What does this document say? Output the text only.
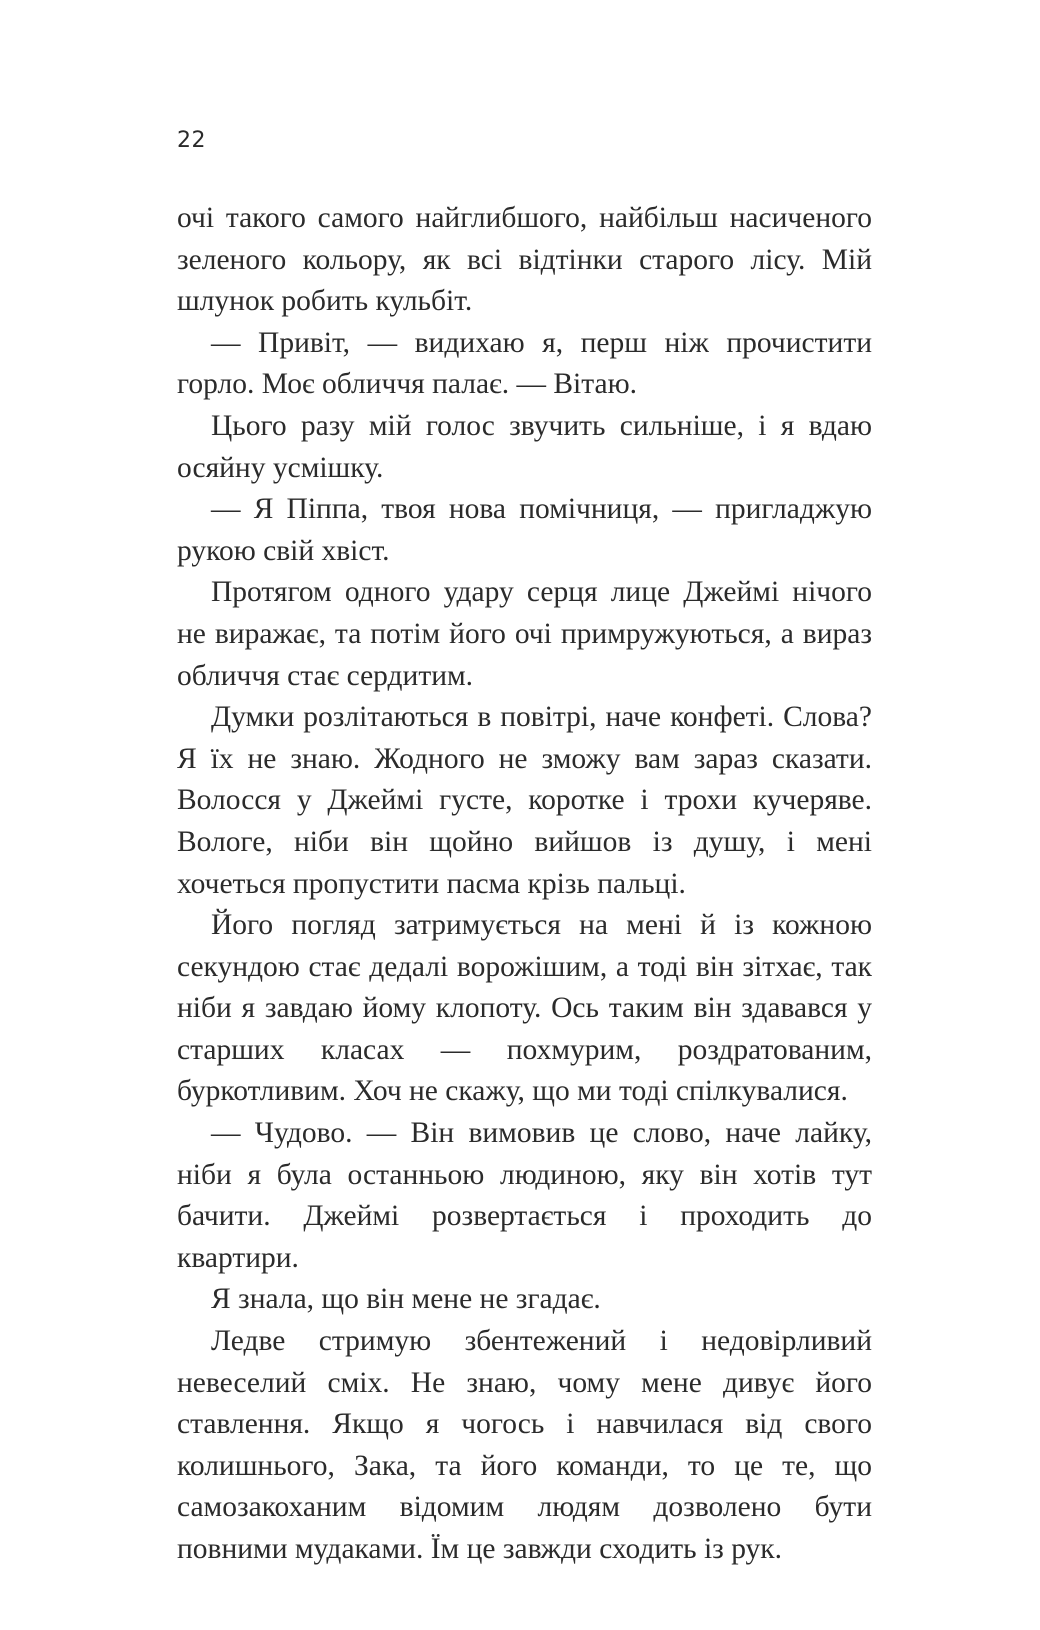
22

очі такого самого найглибшого, найбільш насиченого зеленого кольору, як всі відтінки старого лісу. Мій шлунок робить кульбіт.

— Привіт, — видихаю я, перш ніж прочистити горло. Моє обличчя палає. — Вітаю.

Цього разу мій голос звучить сильніше, і я вдаю осяйну усмішку.

— Я Піппа, твоя нова помічниця, — пригладжую рукою свій хвіст.

Протягом одного удару серця лице Джеймі нічого не виражає, та потім його очі примружуються, а вираз обличчя стає сердитим.

Думки розлітаються в повітрі, наче конфеті. Слова? Я їх не знаю. Жодного не зможу вам зараз сказати. Волосся у Джеймі густе, коротке і трохи кучеряве. Вологе, ніби він щойно вийшов із душу, і мені хочеться пропустити пасма крізь пальці.

Його погляд затримується на мені й із кожною секундою стає дедалі ворожішим, а тоді він зітхає, так ніби я завдаю йому клопоту. Ось таким він здавався у старших класах — похмурим, роздратованим, буркотливим. Хоч не скажу, що ми тоді спілкувалися.

— Чудово. — Він вимовив це слово, наче лайку, ніби я була останньою людиною, яку він хотів тут бачити. Джеймі розвертається і проходить до квартири.

Я знала, що він мене не згадає.

Ледве стримую збентежений і недовірливий невеселий сміх. Не знаю, чому мене дивує його ставлення. Якщо я чогось і навчилася від свого колишнього, Зака, та його команди, то це те, що самозакоханим відомим людям дозволено бути повними мудаками. Їм це завжди сходить із рук.
